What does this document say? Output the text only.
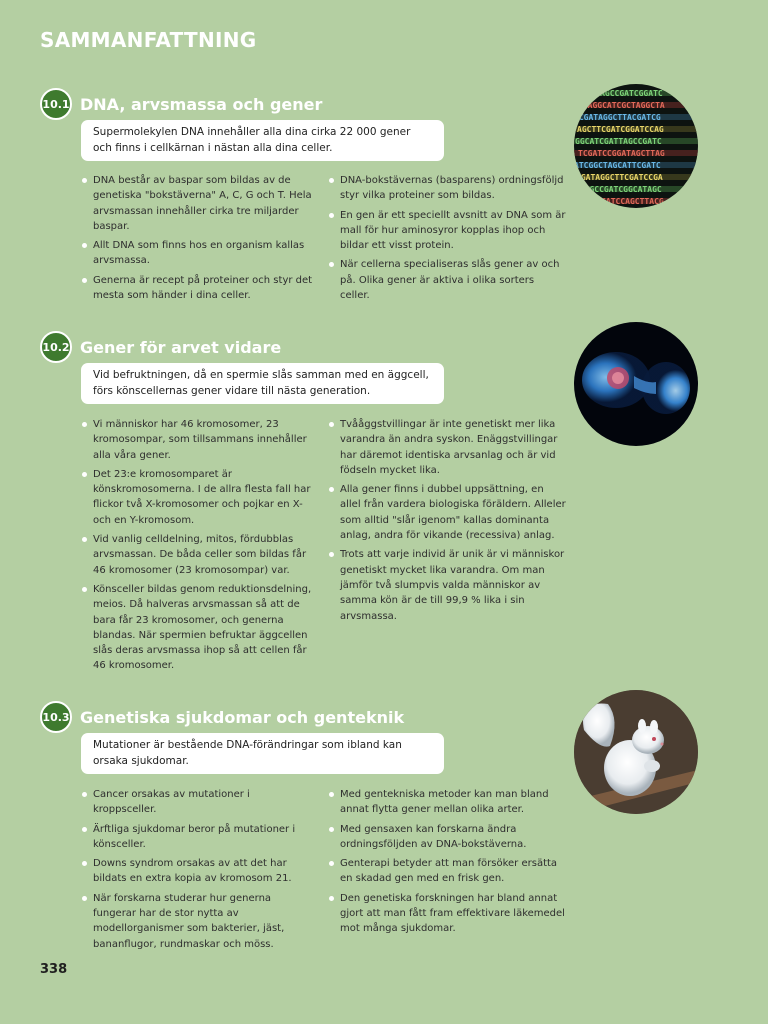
SAMMANFATTNING
10.1 DNA, arvsmassa och gener
Supermolekylen DNA innehåller alla dina cirka 22 000 gener och finns i cellkärnan i nästan alla dina celler.
DNA består av baspar som bildas av de genetiska "bokstäverna" A, C, G och T. Hela arvsmassan innehåller cirka tre miljarder baspar.
Allt DNA som finns hos en organism kallas arvsmassa.
Generna är recept på proteiner och styr det mesta som händer i dina celler.
DNA-bokstävernas (basparens) ordningsföljd styr vilka proteiner som bildas.
En gen är ett speciellt avsnitt av DNA som är mall för hur aminosyror kopplas ihop och bildar ett visst protein.
När cellerna specialiseras slås gener av och på. Olika gener är aktiva i olika sorters celler.
GACTTAGCCGATCGGATC
TTAGGCATCGCTAGGCTA
CCGATAGGCTTACGATCG
AGCTTCGATCGGATCCAG
GGCATCGATTAGCCGATC
TCGATCCGGATAGCTTAG
ATCGGCTAGCATTCGATC
CGATAGGCTTCGATCCGA
TTAGCCGATCGGCATAGC
GATCGGATCCAGCTTACG
10.2 Gener för arvet vidare
Vid befruktningen, då en spermie slås samman med en äggcell, förs könscellernas gener vidare till nästa generation.
Vi människor har 46 kromosomer, 23 kromosompar, som tillsammans innehåller alla våra gener.
Det 23:e kromosomparet är könskromosomerna. I de allra flesta fall har flickor två X-kromosomer och pojkar en X- och en Y-kromosom.
Vid vanlig celldelning, mitos, fördubblas arvsmassan. De båda celler som bildas får 46 kromosomer (23 kromosompar) var.
Könsceller bildas genom reduktionsdelning, meios. Då halveras arvsmassan så att de bara får 23 kromosomer, och generna blandas. När spermien befruktar äggcellen slås deras arvsmassa ihop så att cellen får 46 kromosomer.
Tvååggstvillingar är inte genetiskt mer lika varandra än andra syskon. Enäggstvillingar har däremot identiska arvsanlag och är vid födseln mycket lika.
Alla gener finns i dubbel uppsättning, en allel från vardera biologiska föräldern. Alleler som alltid "slår igenom" kallas dominanta anlag, andra för vikande (recessiva) anlag.
Trots att varje individ är unik är vi människor genetiskt mycket lika varandra. Om man jämför två slumpvis valda människor av samma kön är de till 99,9 % lika i sin arvsmassa.
10.3 Genetiska sjukdomar och genteknik
Mutationer är bestående DNA-förändringar som ibland kan orsaka sjukdomar.
Cancer orsakas av mutationer i kroppsceller.
Ärftliga sjukdomar beror på mutationer i könsceller.
Downs syndrom orsakas av att det har bildats en extra kopia av kromosom 21.
När forskarna studerar hur generna fungerar har de stor nytta av modellorganismer som bakterier, jäst, bananflugor, rundmaskar och möss.
Med gentekniska metoder kan man bland annat flytta gener mellan olika arter.
Med gensaxen kan forskarna ändra ordningsföljden av DNA-bokstäverna.
Genterapi betyder att man försöker ersätta en skadad gen med en frisk gen.
Den genetiska forskningen har bland annat gjort att man fått fram effektivare läkemedel mot många sjukdomar.
338
